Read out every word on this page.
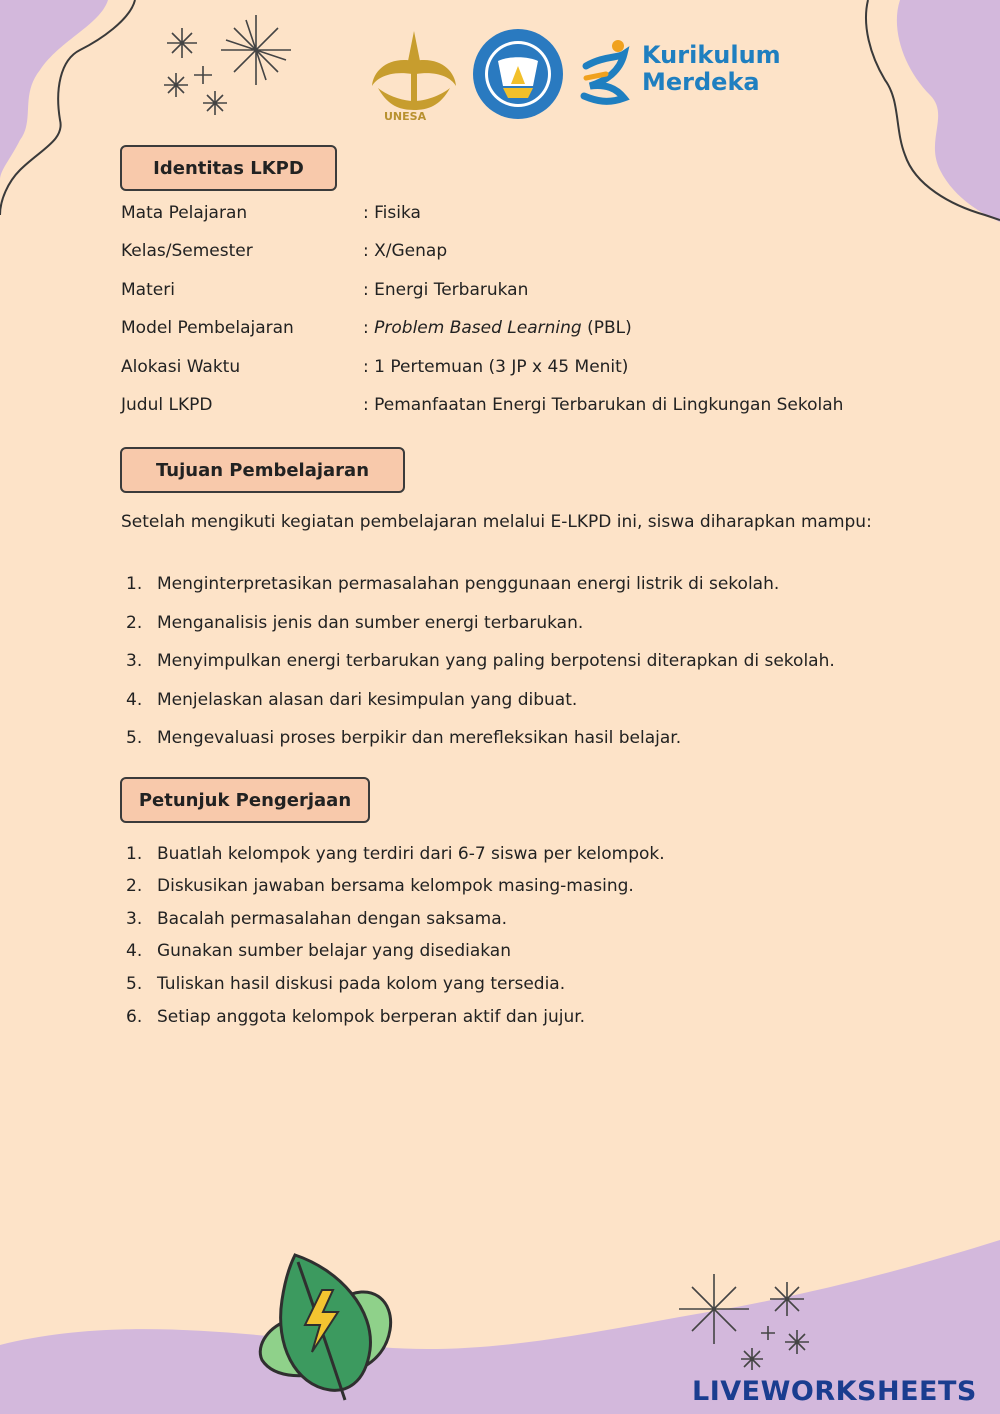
UNESA
Kurikulum
Merdeka
Identitas LKPD
Mata Pelajaran	: Fisika
Kelas/Semester	: X/Genap
Materi	: Energi Terbarukan
Model Pembelajaran	: Problem Based Learning (PBL)
Alokasi Waktu	: 1 Pertemuan (3 JP x 45 Menit)
Judul LKPD	: Pemanfaatan Energi Terbarukan di Lingkungan Sekolah
Tujuan Pembelajaran
Setelah mengikuti kegiatan pembelajaran melalui E-LKPD ini, siswa diharapkan mampu:
1. Menginterpretasikan permasalahan penggunaan energi listrik di sekolah.
2. Menganalisis jenis dan sumber energi terbarukan.
3. Menyimpulkan energi terbarukan yang paling berpotensi diterapkan di sekolah.
4. Menjelaskan alasan dari kesimpulan yang dibuat.
5. Mengevaluasi proses berpikir dan merefleksikan hasil belajar.
Petunjuk Pengerjaan
1. Buatlah kelompok yang terdiri dari 6-7 siswa per kelompok.
2. Diskusikan jawaban bersama kelompok masing-masing.
3. Bacalah permasalahan dengan saksama.
4. Gunakan sumber belajar yang disediakan
5. Tuliskan hasil diskusi pada kolom yang tersedia.
6. Setiap anggota kelompok berperan aktif dan jujur.
LIVEWORKSHEETS
